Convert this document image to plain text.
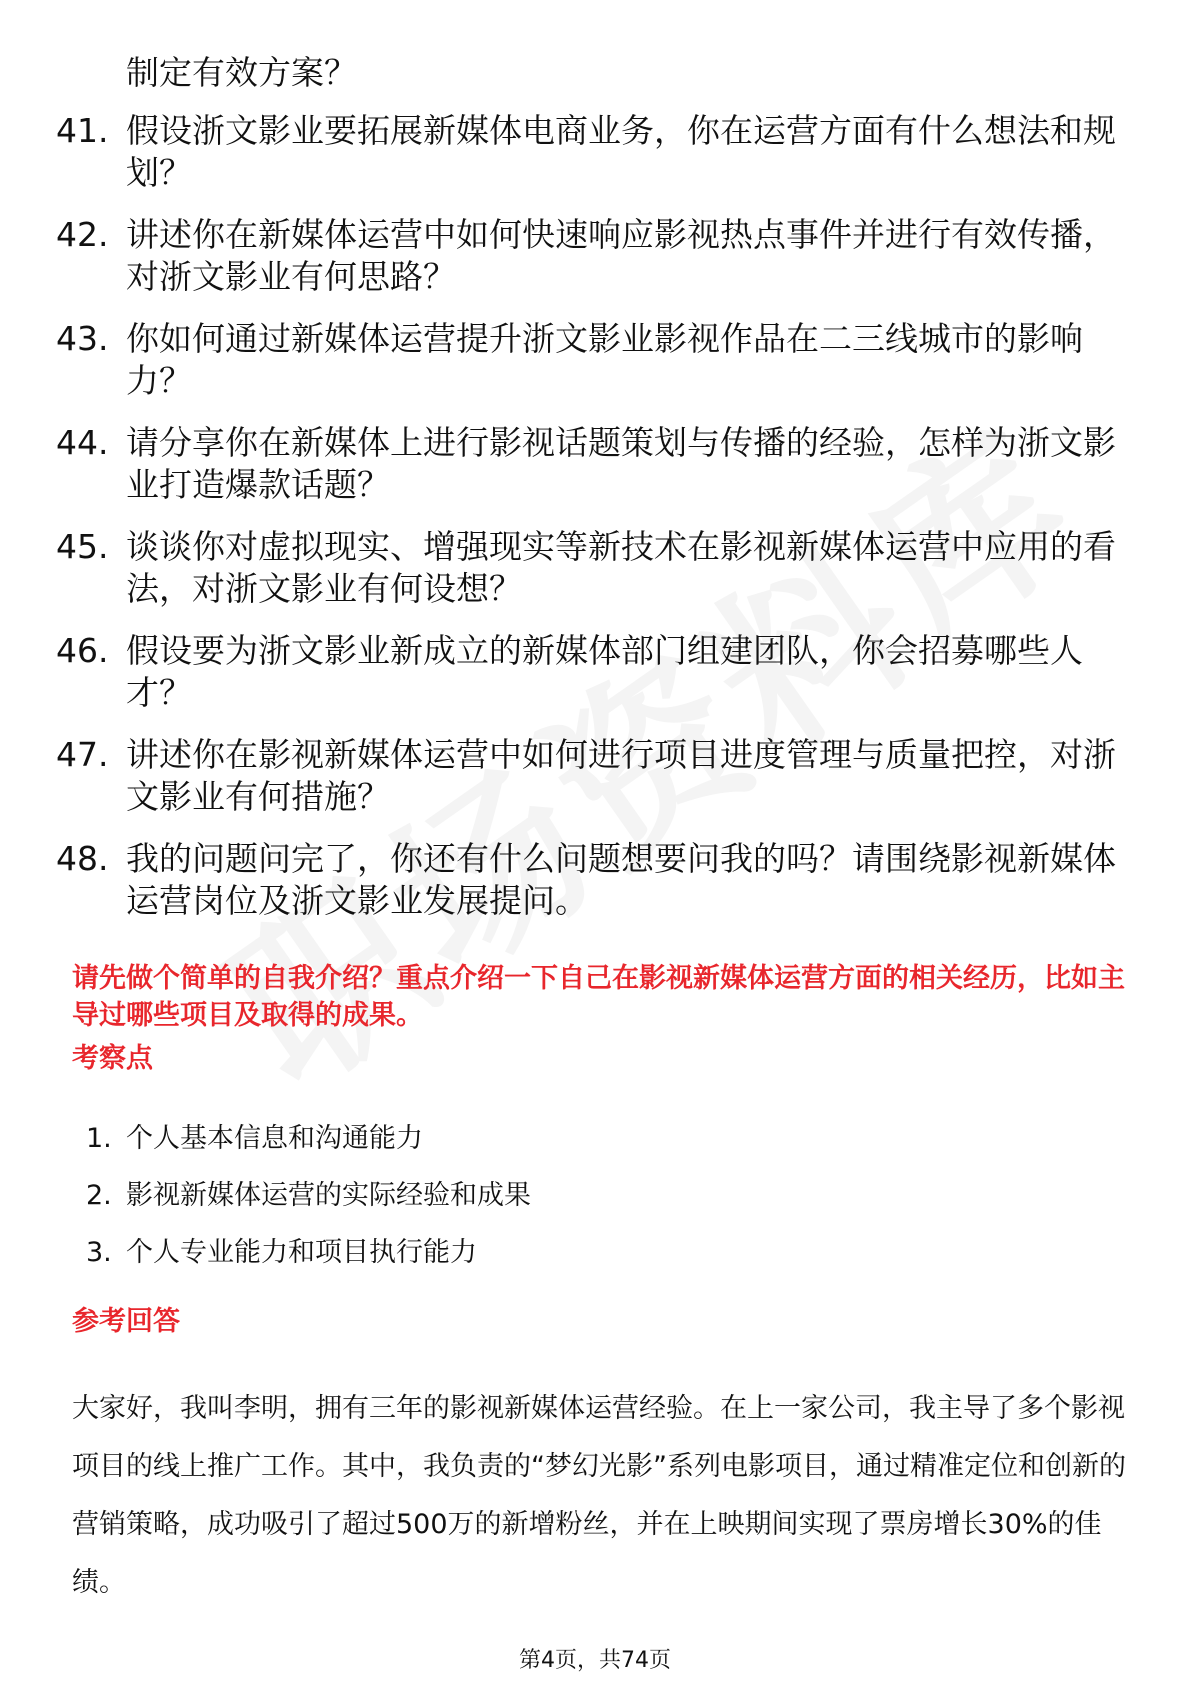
制定有效方案？
41. 假设浙文影业要拓展新媒体电商业务，你在运营方面有什么想法和规划？
42. 讲述你在新媒体运营中如何快速响应影视热点事件并进行有效传播，对浙文影业有何思路？
43. 你如何通过新媒体运营提升浙文影业影视作品在二三线城市的影响力？
44. 请分享你在新媒体上进行影视话题策划与传播的经验，怎样为浙文影业打造爆款话题？
45. 谈谈你对虚拟现实、增强现实等新技术在影视新媒体运营中应用的看法，对浙文影业有何设想？
46. 假设要为浙文影业新成立的新媒体部门组建团队，你会招募哪些人才？
47. 讲述你在影视新媒体运营中如何进行项目进度管理与质量把控，对浙文影业有何措施？
48. 我的问题问完了，你还有什么问题想要问我的吗？请围绕影视新媒体运营岗位及浙文影业发展提问。
请先做个简单的自我介绍？重点介绍一下自己在影视新媒体运营方面的相关经历，比如主导过哪些项目及取得的成果。
考察点
1. 个人基本信息和沟通能力
2. 影视新媒体运营的实际经验和成果
3. 个人专业能力和项目执行能力
参考回答
大家好，我叫李明，拥有三年的影视新媒体运营经验。在上一家公司，我主导了多个影视项目的线上推广工作。其中，我负责的“梦幻光影”系列电影项目，通过精准定位和创新的营销策略，成功吸引了超过500万的新增粉丝，并在上映期间实现了票房增长30%的佳绩。
第4页，共74页
